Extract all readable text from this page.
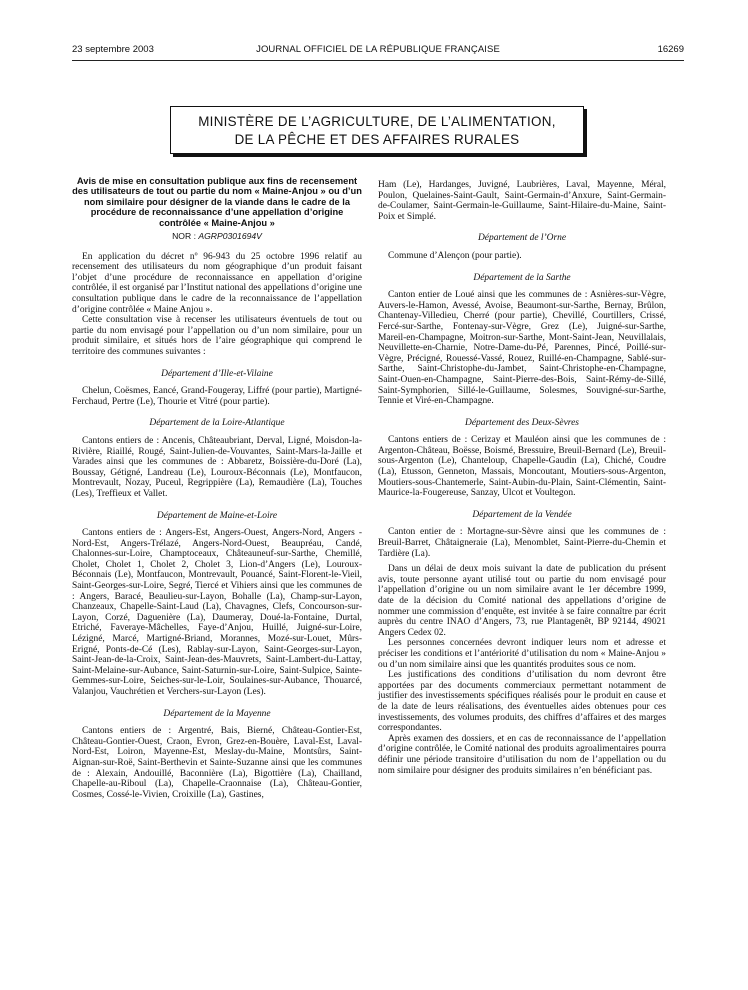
23 septembre 2003	JOURNAL OFFICIEL DE LA RÉPUBLIQUE FRANÇAISE	16269
MINISTÈRE DE L’AGRICULTURE, DE L’ALIMENTATION,
DE LA PÊCHE ET DES AFFAIRES RURALES
Avis de mise en consultation publique aux fins de recensement des utilisateurs de tout ou partie du nom « Maine-Anjou » ou d’un nom similaire pour désigner de la viande dans le cadre de la procédure de reconnaissance d’une appellation d’origine contrôlée « Maine-Anjou »
NOR : AGRP0301694V

En application du décret nº 96-943 du 25 octobre 1996 relatif au recensement des utilisateurs du nom géographique d’un produit faisant l’objet d’une procédure de reconnaissance en appellation d’origine contrôlée, il est organisé par l’Institut national des appellations d’origine une consultation publique dans le cadre de la reconnaissance de l’appellation d’origine contrôlée « Maine Anjou ».

Cette consultation vise à recenser les utilisateurs éventuels de tout ou partie du nom envisagé pour l’appellation ou d’un nom similaire, pour un produit similaire, et situés hors de l’aire géographique qui comprend le territoire des communes suivantes :

Département d’Ille-et-Vilaine

Chelun, Coësmes, Eancé, Grand-Fougeray, Liffré (pour partie), Martigné-Ferchaud, Pertre (Le), Thourie et Vitré (pour partie).

Département de la Loire-Atlantique

Cantons entiers de : Ancenis, Châteaubriant, Derval, Ligné, Moisdon-la-Rivière, Riaillé, Rougé, Saint-Julien-de-Vouvantes, Saint-Mars-la-Jaille et Varades ainsi que les communes de : Abbaretz, Boissière-du-Doré (La), Boussay, Gétigné, Landreau (Le), Louroux-Béconnais (Le), Montfaucon, Montrevault, Nozay, Puceul, Regrippière (La), Remaudière (La), Touches (Les), Treffieux et Vallet.

Département de Maine-et-Loire

Cantons entiers de : Angers-Est, Angers-Ouest, Angers-Nord, Angers - Nord-Est, Angers-Trélazé, Angers-Nord-Ouest, Beaupréau, Candé, Chalonnes-sur-Loire, Champtoceaux, Châteauneuf-sur-Sarthe, Chemillé, Cholet, Cholet 1, Cholet 2, Cholet 3, Lion-d’Angers (Le), Louroux-Béconnais (Le), Montfaucon, Montrevault, Pouancé, Saint-Florent-le-Vieil, Saint-Georges-sur-Loire, Segré, Tiercé et Vihiers ainsi que les communes de : Angers, Baracé, Beaulieu-sur-Layon, Bohalle (La), Champ-sur-Layon, Chanzeaux, Chapelle-Saint-Laud (La), Chavagnes, Clefs, Concourson-sur-Layon, Corzé, Daguenière (La), Daumeray, Doué-la-Fontaine, Durtal, Etriché, Faveraye-Mâchelles, Faye-d’Anjou, Huillé, Juigné-sur-Loire, Lézigné, Marcé, Martigné-Briand, Morannes, Mozé-sur-Louet, Mûrs-Erigné, Ponts-de-Cé (Les), Rablay-sur-Layon, Saint-Georges-sur-Layon, Saint-Jean-de-la-Croix, Saint-Jean-des-Mauvrets, Saint-Lambert-du-Lattay, Saint-Melaine-sur-Aubance, Saint-Saturnin-sur-Loire, Saint-Sulpice, Sainte-Gemmes-sur-Loire, Seiches-sur-le-Loir, Soulaines-sur-Aubance, Thouarcé, Valanjou, Vauchrétien et Verchers-sur-Layon (Les).

Département de la Mayenne

Cantons entiers de : Argentré, Bais, Bierné, Château-Gontier-Est, Château-Gontier-Ouest, Craon, Evron, Grez-en-Bouère, Laval-Est, Laval-Nord-Est, Loiron, Mayenne-Est, Meslay-du-Maine, Montsûrs, Saint-Aignan-sur-Roë, Saint-Berthevin et Sainte-Suzanne ainsi que les communes de : Alexain, Andouillé, Baconnière (La), Bigottière (La), Chailland, Chapelle-au-Riboul (La), Chapelle-Craonnaise (La), Château-Gontier, Cosmes, Cossé-le-Vivien, Croixille (La), Gastines,

Ham (Le), Hardanges, Juvigné, Laubrières, Laval, Mayenne, Méral, Poulon, Quelaines-Saint-Gault, Saint-Germain-d’Anxure, Saint-Germain-de-Coulamer, Saint-Germain-le-Guillaume, Saint-Hilaire-du-Maine, Saint-Poix et Simplé.

Département de l’Orne

Commune d’Alençon (pour partie).

Département de la Sarthe

Canton entier de Loué ainsi que les communes de : Asnières-sur-Vègre, Auvers-le-Hamon, Avessé, Avoise, Beaumont-sur-Sarthe, Bernay, Brûlon, Chantenay-Villedieu, Cherré (pour partie), Chevillé, Courtillers, Crissé, Fercé-sur-Sarthe, Fontenay-sur-Vègre, Grez (Le), Juigné-sur-Sarthe, Mareil-en-Champagne, Moitron-sur-Sarthe, Mont-Saint-Jean, Neuvillalais, Neuvillette-en-Charnie, Notre-Dame-du-Pé, Parennes, Pincé, Poillé-sur-Vègre, Précigné, Rouessé-Vassé, Rouez, Ruillé-en-Champagne, Sablé-sur-Sarthe, Saint-Christophe-du-Jambet, Saint-Christophe-en-Champagne, Saint-Ouen-en-Champagne, Saint-Pierre-des-Bois, Saint-Rémy-de-Sillé, Saint-Symphorien, Sillé-le-Guillaume, Solesmes, Souvigné-sur-Sarthe, Tennie et Viré-en-Champagne.

Département des Deux-Sèvres

Cantons entiers de : Cerizay et Mauléon ainsi que les communes de : Argenton-Château, Boësse, Boismé, Bressuire, Breuil-Bernard (Le), Breuil-sous-Argenton (Le), Chanteloup, Chapelle-Gaudin (La), Chiché, Coudre (La), Etusson, Genneton, Massais, Moncoutant, Moutiers-sous-Argenton, Moutiers-sous-Chantemerle, Saint-Aubin-du-Plain, Saint-Clémentin, Saint-Maurice-la-Fougereuse, Sanzay, Ulcot et Voultegon.

Département de la Vendée

Canton entier de : Mortagne-sur-Sèvre ainsi que les communes de : Breuil-Barret, Châtaigneraie (La), Menomblet, Saint-Pierre-du-Chemin et Tardière (La).

Dans un délai de deux mois suivant la date de publication du présent avis, toute personne ayant utilisé tout ou partie du nom envisagé pour l’appellation d’origine ou un nom similaire avant le 1er décembre 1999, date de la décision du Comité national des appellations d’origine de nommer une commission d’enquête, est invitée à se faire connaître par écrit auprès du centre INAO d’Angers, 73, rue Plantagenêt, BP 92144, 49021 Angers Cedex 02.

Les personnes concernées devront indiquer leurs nom et adresse et préciser les conditions et l’antériorité d’utilisation du nom « Maine-Anjou » ou d’un nom similaire ainsi que les quantités produites sous ce nom.

Les justifications des conditions d’utilisation du nom devront être apportées par des documents commerciaux permettant notamment de justifier des investissements spécifiques réalisés pour le produit en cause et de la date de leurs réalisations, des éventuelles aides obtenues pour ces investissements, des volumes produits, des chiffres d’affaires et des marges correspondantes.

Après examen des dossiers, et en cas de reconnaissance de l’appellation d’origine contrôlée, le Comité national des produits agroalimentaires pourra définir une période transitoire d’utilisation du nom de l’appellation ou du nom similaire pour désigner des produits similaires n’en bénéficiant pas.
